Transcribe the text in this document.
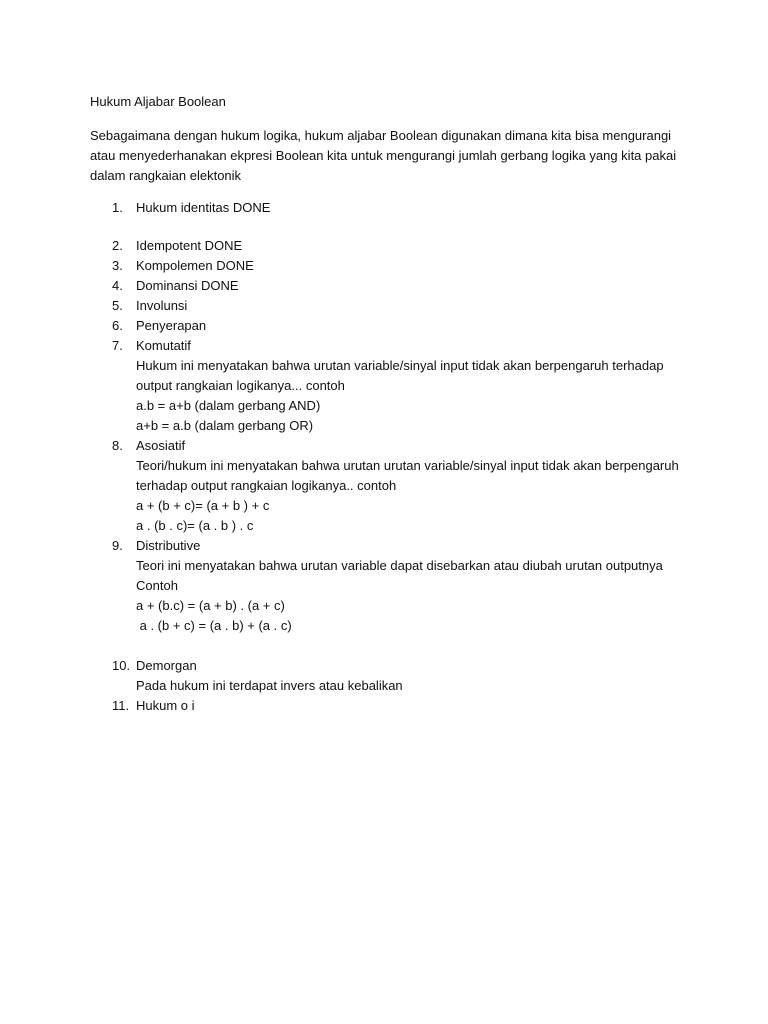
Hukum Aljabar Boolean

Sebagaimana dengan hukum logika, hukum aljabar Boolean digunakan dimana kita bisa mengurangi
atau menyederhanakan ekpresi Boolean kita untuk mengurangi jumlah gerbang logika yang kita pakai
dalam rangkaian elektonik

1. Hukum identitas DONE
2. Idempotent DONE
3. Kompolemen DONE
4. Dominansi DONE
5. Involunsi
6. Penyerapan
7. Komutatif
Hukum ini menyatakan bahwa urutan variable/sinyal input tidak akan berpengaruh terhadap
output rangkaian logikanya... contoh
a.b = a+b (dalam gerbang AND)
a+b = a.b (dalam gerbang OR)
8. Asosiatif
Teori/hukum ini menyatakan bahwa urutan urutan variable/sinyal input tidak akan berpengaruh
terhadap output rangkaian logikanya.. contoh
a + (b + c)= (a + b ) + c
a . (b . c)= (a . b ) . c
9. Distributive
Teori ini menyatakan bahwa urutan variable dapat disebarkan atau diubah urutan outputnya
Contoh
a + (b.c) = (a + b) . (a + c)
a . (b + c) = (a . b) + (a . c)
10. Demorgan
Pada hukum ini terdapat invers atau kebalikan
11. Hukum o i
